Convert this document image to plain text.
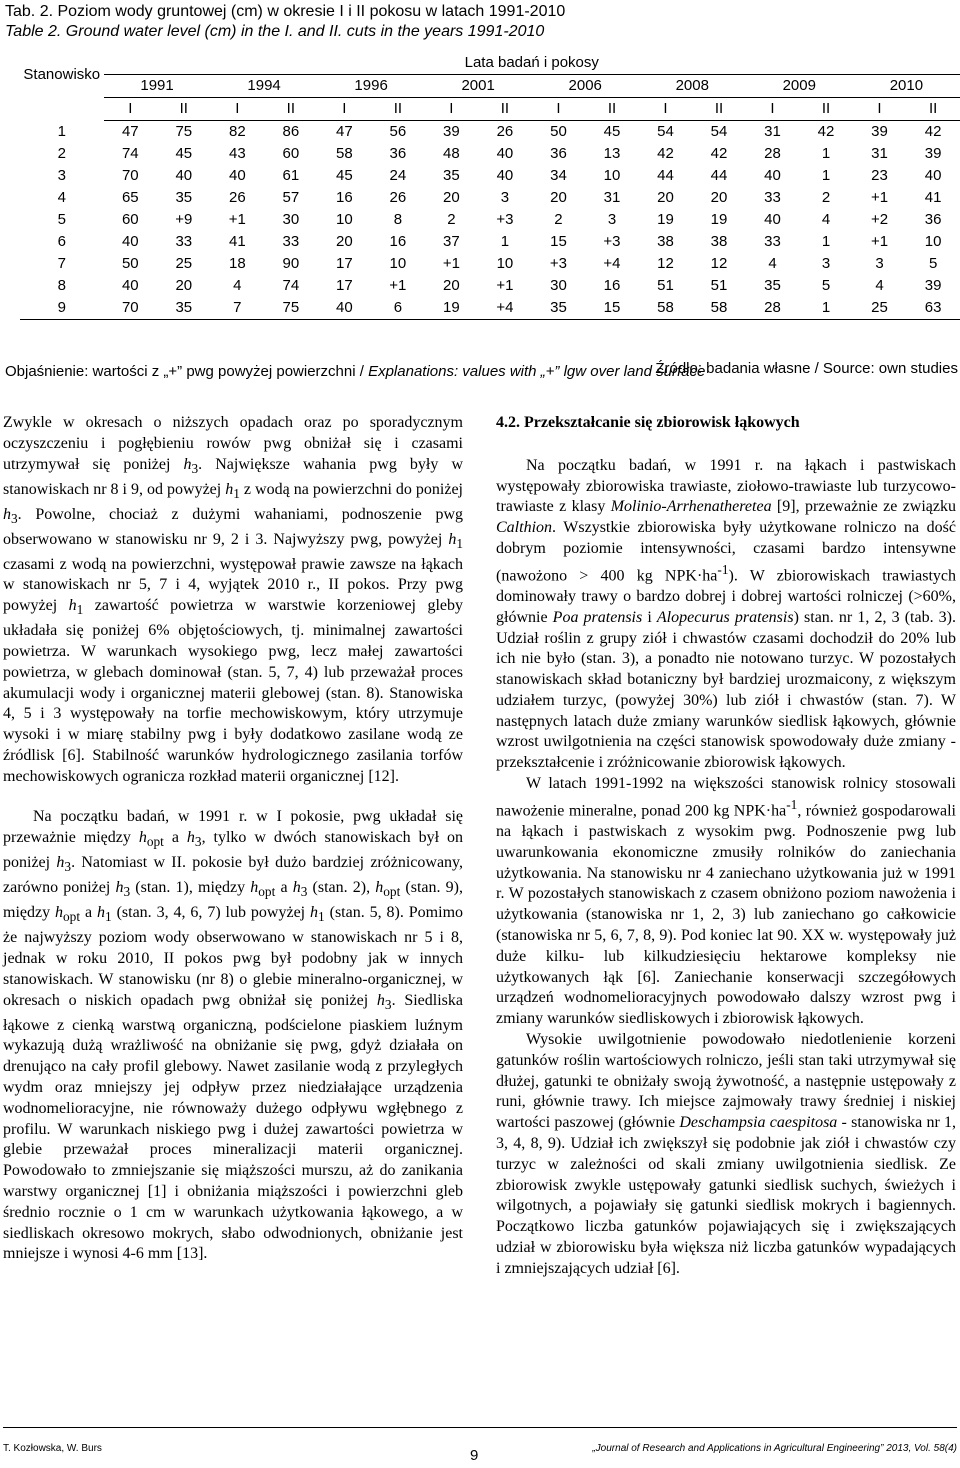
Tab. 2. Poziom wody gruntowej (cm) w okresie I i II pokosu w latach 1991-2010
Table 2. Ground water level (cm) in the I. and II. cuts in the years 1991-2010
Stanowisko	Lata badań i pokosy															
	1991		1994		1996		2001		2006		2008		2009		2010	
	I	II	I	II	I	II	I	II	I	II	I	II	I	II	I	II
1	47	75	82	86	47	56	39	26	50	45	54	54	31	42	39	42
2	74	45	43	60	58	36	48	40	36	13	42	42	28	1	31	39
3	70	40	40	61	45	24	35	40	34	10	44	44	40	1	23	40
4	65	35	26	57	16	26	20	3	20	31	20	20	33	2	+1	41
5	60	+9	+1	30	10	8	2	+3	2	3	19	19	40	4	+2	36
6	40	33	41	33	20	16	37	1	15	+3	38	38	33	1	+1	10
7	50	25	18	90	17	10	+1	10	+3	+4	12	12	4	3	3	5
8	40	20	4	74	17	+1	20	+1	30	16	51	51	35	5	4	39
9	70	35	7	75	40	6	19	+4	35	15	58	58	28	1	25	63
Źródło: badania własne / Source: own studies
Objaśnienie: wartości z „+” pwg powyżej powierzchni / Explanations: values with „+” lgw over land surface

Zwykle w okresach o niższych opadach oraz po sporadycznym oczyszczeniu i pogłębieniu rowów pwg obniżał się i czasami utrzymywał się poniżej $h_3$. Największe wahania pwg były w stanowiskach nr 8 i 9, od powyżej $h_1$ z wodą na powierzchni do poniżej $h_3$. Powolne, chociaż z dużymi wahaniami, podnoszenie pwg obserwowano w stanowisku nr 9, 2 i 3. Najwyższy pwg, powyżej $h_1$ czasami z wodą na powierzchni, występował prawie zawsze na łąkach w stanowiskach nr 5, 7 i 4, wyjątek 2010 r., II pokos. Przy pwg powyżej $h_1$ zawartość powietrza w warstwie korzeniowej gleby układała się poniżej 6% objętościowych, tj. minimalnej zawartości powietrza. W warunkach wysokiego pwg, lecz małej zawartości powietrza, w glebach dominował (stan. 5, 7, 4) lub przeważał proces akumulacji wody i organicznej materii glebowej (stan. 8). Stanowiska 4, 5 i 3 występowały na torfie mechowiskowym, który utrzymuje wysoki i w miarę stabilny pwg i były dodatkowo zasilane wodą ze źródlisk [6]. Stabilność warunków hydrologicznego zasilania torfów mechowiskowych ogranicza rozkład materii organicznej [12].

Na początku badań, w 1991 r. w I pokosie, pwg układał się przeważnie między $h_{opt}$ a $h_3$, tylko w dwóch stanowiskach był on poniżej $h_3$. Natomiast w II. pokosie był dużo bardziej zróżnicowany, zarówno poniżej $h_3$ (stan. 1), między $h_{opt}$ a $h_3$ (stan. 2), $h_{opt}$ (stan. 9), między $h_{opt}$ a $h_1$ (stan. 3, 4, 6, 7) lub powyżej $h_1$ (stan. 5, 8). Pomimo że najwyższy poziom wody obserwowano w stanowiskach nr 5 i 8, jednak w roku 2010, II pokos pwg był podobny jak w innych stanowiskach. W stanowisku (nr 8) o glebie mineralno-organicznej, w okresach o niskich opadach pwg obniżał się poniżej $h_3$. Siedliska łąkowe z cienką warstwą organiczną, podścielone piaskiem luźnym wykazują dużą wrażliwość na obniżanie się pwg, gdyż działała on drenująco na cały profil glebowy. Nawet zasilanie wodą z przyległych wydm oraz mniejszy jej odpływ przez niedziałające urządzenia wodnomelioracyjne, nie równoważy dużego odpływu wgłębnego z profilu. W warunkach niskiego pwg i dużej zawartości powietrza w glebie przeważał proces mineralizacji materii organicznej. Powodowało to zmniejszanie się miąższości murszu, aż do zanikania warstwy organicznej [1] i obniżania miąższości i powierzchni gleb średnio rocznie o 1 cm w warunkach użytkowania łąkowego, a w siedliskach okresowo mokrych, słabo odwodnionych, obniżanie jest mniejsze i wynosi 4-6 mm [13].

4.2. Przekształcanie się zbiorowisk łąkowych

Na początku badań, w 1991 r. na łąkach i pastwiskach występowały zbiorowiska trawiaste, ziołowo-trawiaste lub turzycowo-trawiaste z klasy Molinio-Arrhenatheretea [9], przeważnie ze związku Calthion. Wszystkie zbiorowiska były użytkowane rolniczo na dość dobrym poziomie intensywności, czasami bardzo intensywne (nawożono > 400 kg $NPK\cdot ha^{-1}$). W zbiorowiskach trawiastych dominowały trawy o bardzo dobrej i dobrej wartości rolniczej (>60%, głównie Poa pratensis i Alopecurus pratensis) stan. nr 1, 2, 3 (tab. 3). Udział roślin z grupy ziół i chwastów czasami dochodził do 20% lub ich nie było (stan. 3), a ponadto nie notowano turzyc. W pozostałych stanowiskach skład botaniczny był bardziej urozmaicony, z większym udziałem turzyc, (powyżej 30%) lub ziół i chwastów (stan. 7). W następnych latach duże zmiany warunków siedlisk łąkowych, głównie wzrost uwilgotnienia na części stanowisk spowodowały duże zmiany - przekształcenie i zróżnicowanie zbiorowisk łąkowych.

W latach 1991-1992 na większości stanowisk rolnicy stosowali nawożenie mineralne, ponad 200 kg $NPK\cdot ha^{-1}$, również gospodarowali na łąkach i pastwiskach z wysokim pwg. Podnoszenie pwg lub uwarunkowania ekonomiczne zmusiły rolników do zaniechania użytkowania. Na stanowisku nr 4 zaniechano użytkowania już w 1991 r. W pozostałych stanowiskach z czasem obniżono poziom nawożenia i użytkowania (stanowiska nr 1, 2, 3) lub zaniechano go całkowicie (stanowiska nr 5, 6, 7, 8, 9). Pod koniec lat 90. XX w. występowały już duże kilku- lub kilkudziesięciu hektarowe kompleksy nie użytkowanych łąk [6]. Zaniechanie konserwacji szczegółowych urządzeń wodnomelioracyjnych powodowało dalszy wzrost pwg i zmiany warunków siedliskowych i zbiorowisk łąkowych.

Wysokie uwilgotnienie powodowało niedotlenienie korzeni gatunków roślin wartościowych rolniczo, jeśli stan taki utrzymywał się dłużej, gatunki te obniżały swoją żywotność, a następnie ustępowały z runi, głównie trawy. Ich miejsce zajmowały trawy średniej i niskiej wartości paszowej (głównie Deschampsia caespitosa - stanowiska nr 1, 3, 4, 8, 9). Udział ich zwiększył się podobnie jak ziół i chwastów czy turzyc w zależności od skali zmiany uwilgotnienia siedlisk. Ze zbiorowisk zwykle ustępowały gatunki siedlisk suchych, świeżych i wilgotnych, a pojawiały się gatunki siedlisk mokrych i bagiennych. Początkowo liczba gatunków pojawiających się i zwiększających udział w zbiorowisku była większa niż liczba gatunków wypadających i zmniejszających udział [6].

T. Kozłowska, W. Burs	9	„Journal of Research and Applications in Agricultural Engineering” 2013, Vol. 58(4)
